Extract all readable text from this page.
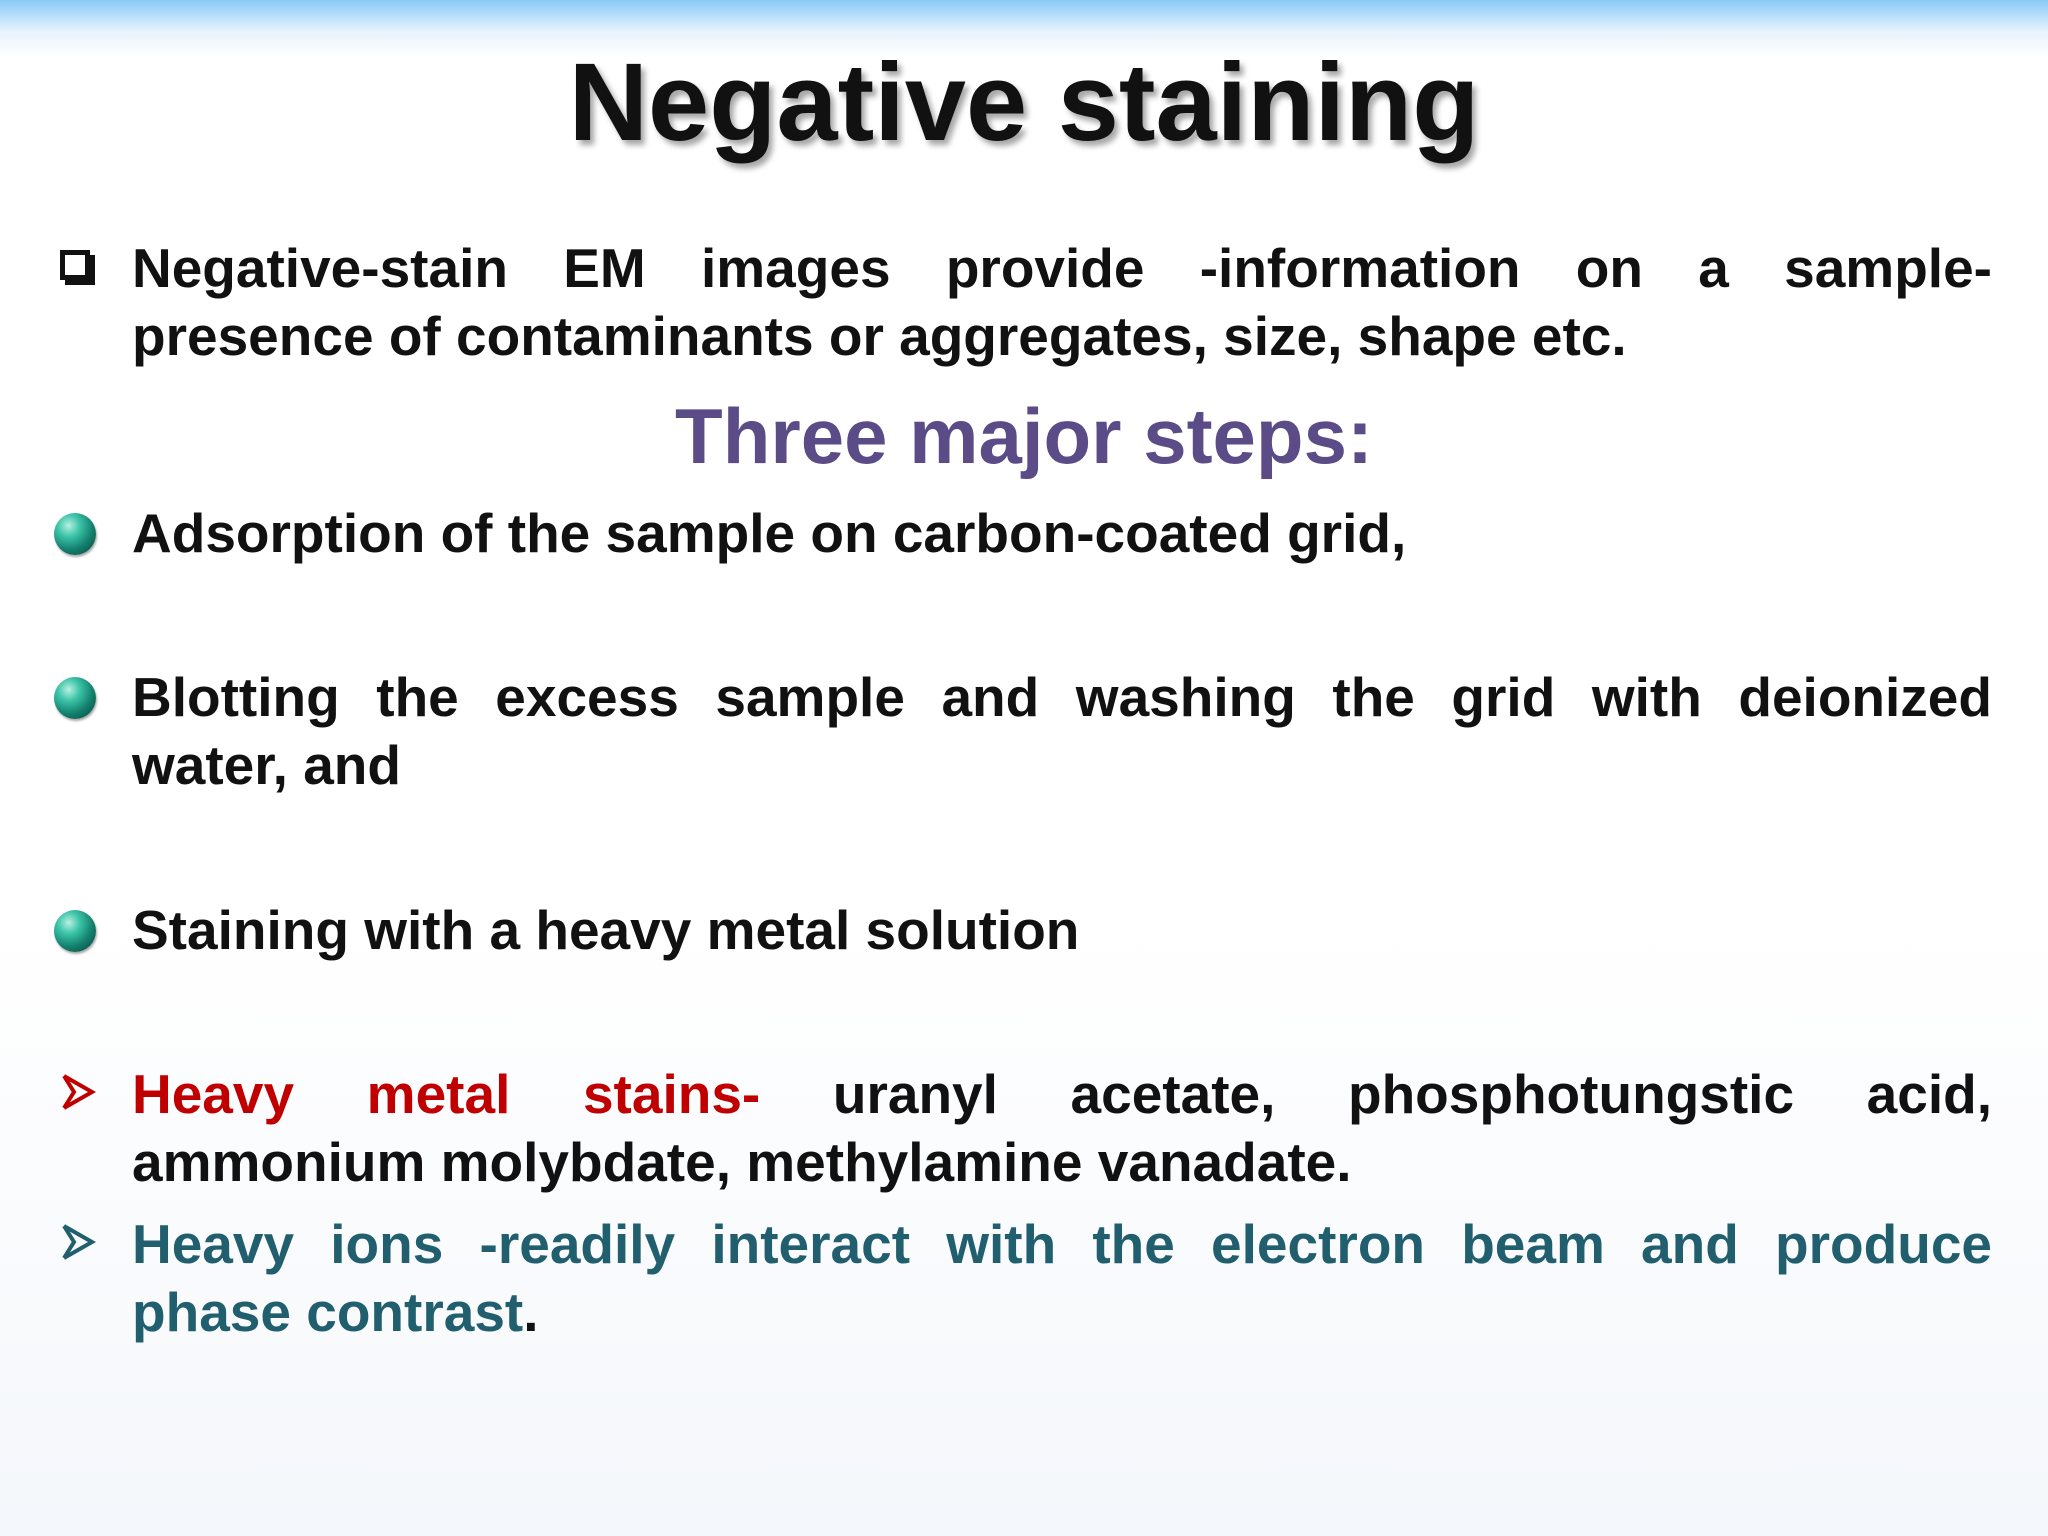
Negative staining
Negative-stain EM images provide -information on a sample-
presence of contaminants or aggregates, size, shape etc.
Three major steps:
Adsorption of the sample on carbon-coated grid,
Blotting the excess sample and washing the grid with deionized
water, and
Staining with a heavy metal solution
Heavy metal stains- uranyl acetate, phosphotungstic acid,
ammonium molybdate, methylamine vanadate.
Heavy ions -readily interact with the electron beam and produce
phase contrast.
